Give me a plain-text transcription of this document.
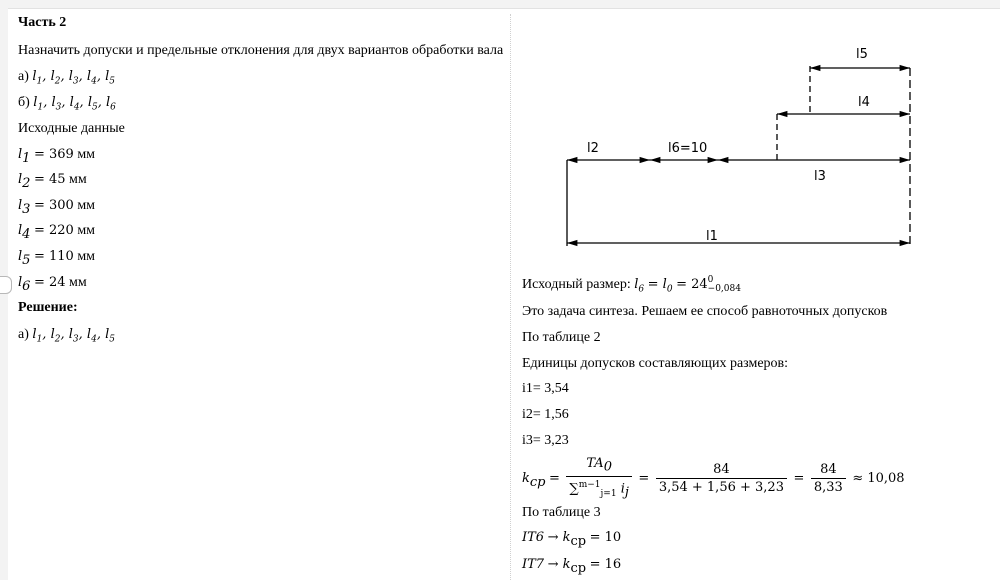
Часть 2
Назначить допуски и предельные отклонения для двух вариантов обработки вала
а) $l_1$, $l_2$, $l_3$, $l_4$, $l_5$
б) $l_1$, $l_3$, $l_4$, $l_5$, $l_6$
Исходные данные
$l_1 = 369$ мм
$l_2 = 45$ мм
$l_3 = 300$ мм
$l_4 = 220$ мм
$l_5 = 110$ мм
$l_6 = 24$ мм
Решение:
а) $l_1$, $l_2$, $l_3$, $l_4$, $l_5$
l5
l4
l2	l6=10
l3
l1
Исходный размер: $l_6 = l_0 = 24$ 0
−0,084
Это задача синтеза. Решаем ее способ равноточных допусков
По таблице 2
Единицы допусков составляющих размеров:
i1= 3,54
i2= 1,56
i3= 3,23
$k_{cp} = \frac{TA_0}{\sum^{m-1}_{j=1} i_j} = \frac{84}{3,54 + 1,56 + 3,23} = \frac{84}{8,33} \approx 10,08$
По таблице 3
$IT6 \to k_{cp} = 10$
$IT7 \to k_{cp} = 16$
